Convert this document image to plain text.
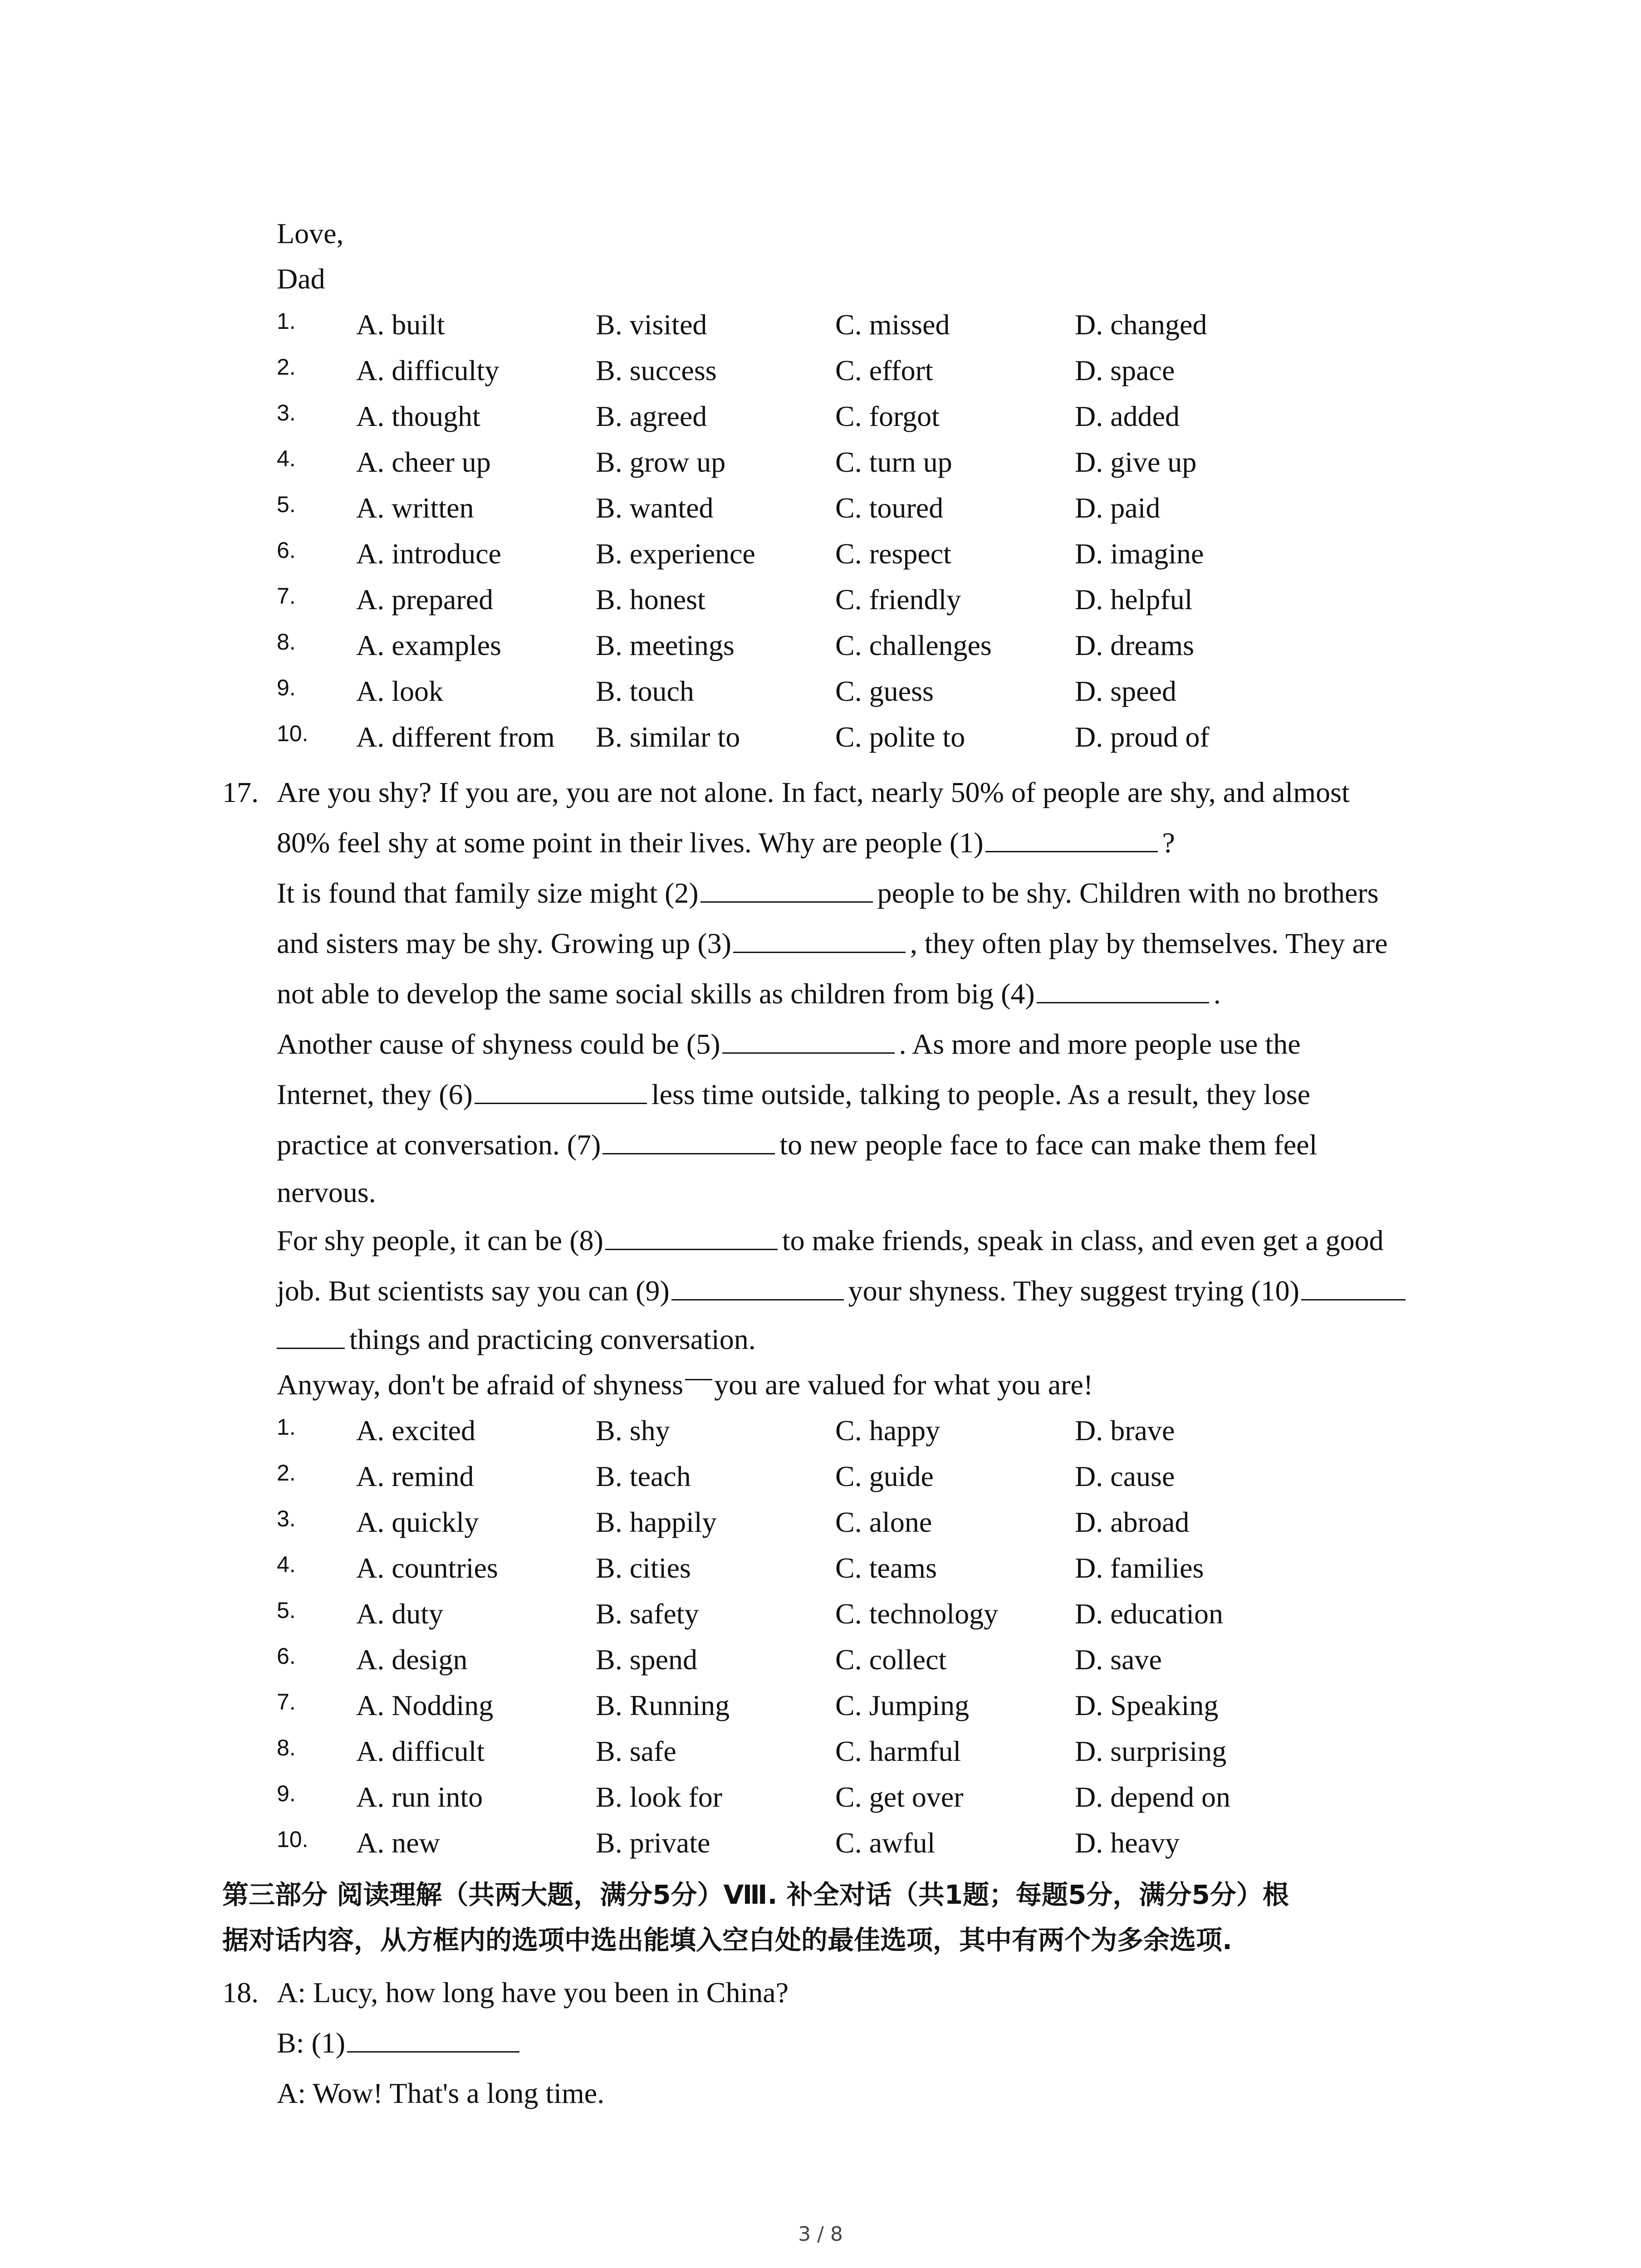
Love,
Dad
1.	A. built	B. visited	C. missed	D. changed
2.	A. difficulty	B. success	C. effort	D. space
3.	A. thought	B. agreed	C. forgot	D. added
4.	A. cheer up	B. grow up	C. turn up	D. give up
5.	A. written	B. wanted	C. toured	D. paid
6.	A. introduce	B. experience	C. respect	D. imagine
7.	A. prepared	B. honest	C. friendly	D. helpful
8.	A. examples	B. meetings	C. challenges	D. dreams
9.	A. look	B. touch	C. guess	D. speed
10.	A. different from	B. similar to	C. polite to	D. proud of
17. Are you shy? If you are, you are not alone. In fact, nearly 50% of people are shy, and almost
80% feel shy at some point in their lives. Why are people (1)	?
It is found that family size might (2)	people to be shy. Children with no brothers
and sisters may be shy. Growing up (3)	, they often play by themselves. They are
not able to develop the same social skills as children from big (4)	.
Another cause of shyness could be (5)	. As more and more people use the
Internet, they (6)	less time outside, talking to people. As a result, they lose
practice at conversation. (7)	to new people face to face can make them feel
nervous.
For shy people, it can be (8)	to make friends, speak in class, and even get a good
job. But scientists say you can (9)	your shyness. They suggest trying (10)
things and practicing conversation.
Anyway, don't be afraid of shyness you are valued for what you are!
1.	A. excited	B. shy	C. happy	D. brave
2.	A. remind	B. teach	C. guide	D. cause
3.	A. quickly	B. happily	C. alone	D. abroad
4.	A. countries	B. cities	C. teams	D. families
5.	A. duty	B. safety	C. technology	D. education
6.	A. design	B. spend	C. collect	D. save
7.	A. Nodding	B. Running	C. Jumping	D. Speaking
8.	A. difficult	B. safe	C. harmful	D. surprising
9.	A. run into	B. look for	C. get over	D. depend on
10.	A. new	B. private	C. awful	D. heavy
第三部分 阅读理解（共两大题，满分5分）Ⅷ. 补全对话（共1题；每题5分，满分5分）根
据对话内容，从方框内的选项中选出能填入空白处的最佳选项，其中有两个为多余选项.
18. A: Lucy, how long have you been in China?
B: (1)
A: Wow! That's a long time.
3 / 8
